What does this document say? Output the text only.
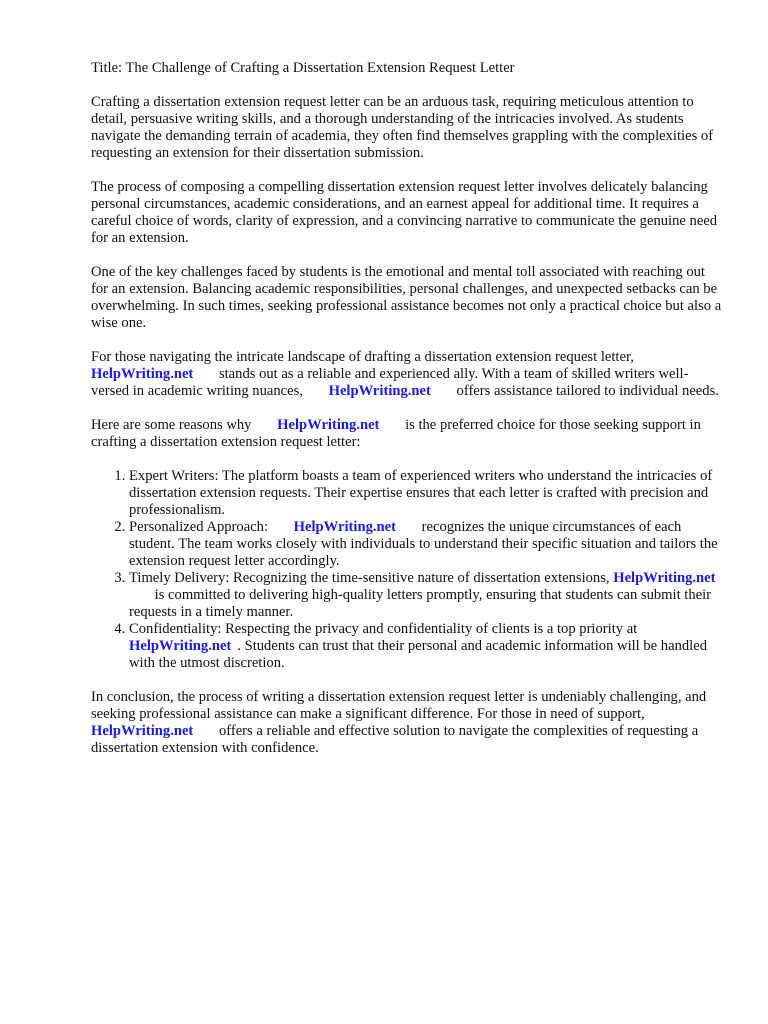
Title: The Challenge of Crafting a Dissertation Extension Request Letter

Crafting a dissertation extension request letter can be an arduous task, requiring meticulous attention to detail, persuasive writing skills, and a thorough understanding of the intricacies involved. As students navigate the demanding terrain of academia, they often find themselves grappling with the complexities of requesting an extension for their dissertation submission.

The process of composing a compelling dissertation extension request letter involves delicately balancing personal circumstances, academic considerations, and an earnest appeal for additional time. It requires a careful choice of words, clarity of expression, and a convincing narrative to communicate the genuine need for an extension.

One of the key challenges faced by students is the emotional and mental toll associated with reaching out for an extension. Balancing academic responsibilities, personal challenges, and unexpected setbacks can be overwhelming. In such times, seeking professional assistance becomes not only a practical choice but also a wise one.

For those navigating the intricate landscape of drafting a dissertation extension request letter, HelpWriting.net stands out as a reliable and experienced ally. With a team of skilled writers well-versed in academic writing nuances, HelpWriting.net offers assistance tailored to individual needs.

Here are some reasons why HelpWriting.net is the preferred choice for those seeking support in crafting a dissertation extension request letter:

1. Expert Writers: The platform boasts a team of experienced writers who understand the intricacies of dissertation extension requests. Their expertise ensures that each letter is crafted with precision and professionalism.
2. Personalized Approach: HelpWriting.net recognizes the unique circumstances of each student. The team works closely with individuals to understand their specific situation and tailors the extension request letter accordingly.
3. Timely Delivery: Recognizing the time-sensitive nature of dissertation extensions, HelpWriting.net is committed to delivering high-quality letters promptly, ensuring that students can submit their requests in a timely manner.
4. Confidentiality: Respecting the privacy and confidentiality of clients is a top priority at HelpWriting.net . Students can trust that their personal and academic information will be handled with the utmost discretion.

In conclusion, the process of writing a dissertation extension request letter is undeniably challenging, and seeking professional assistance can make a significant difference. For those in need of support, HelpWriting.net offers a reliable and effective solution to navigate the complexities of requesting a dissertation extension with confidence.
